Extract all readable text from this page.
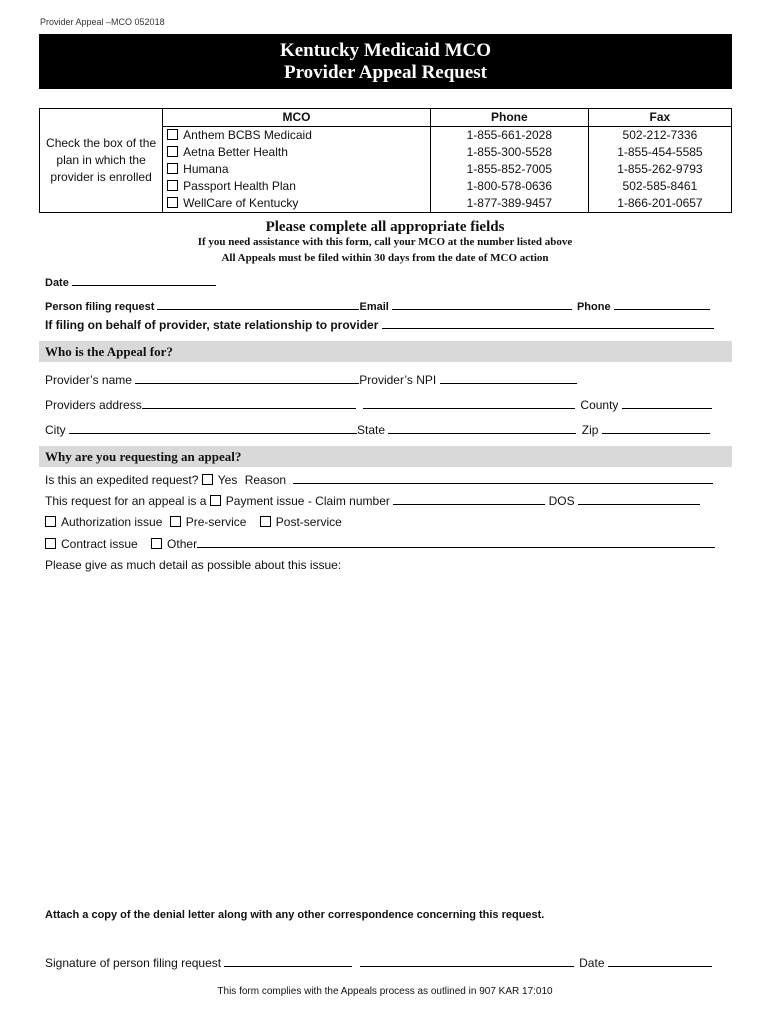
Provider Appeal –MCO 052018
Kentucky Medicaid MCO
Provider Appeal Request
Check the box of the plan in which the provider is enrolled	MCO	Phone	Fax
	Anthem BCBS Medicaid	1-855-661-2028	502-212-7336
	Aetna Better Health	1-855-300-5528	1-855-454-5585
	Humana	1-855-852-7005	1-855-262-9793
	Passport Health Plan	1-800-578-0636	502-585-8461
	WellCare of Kentucky	1-877-389-9457	1-866-201-0657
Please complete all appropriate fields
If you need assistance with this form, call your MCO at the number listed above
All Appeals must be filed within 30 days from the date of MCO action
Date
Person filing request	Email	Phone
If filing on behalf of provider, state relationship to provider
Who is the Appeal for?
Provider’s name	Provider’s NPI
Providers address	County
City	State	Zip
Why are you requesting an appeal?
Is this an expedited request? Yes Reason
This request for an appeal is a Payment issue - Claim number	DOS
Authorization issue Pre-service Post-service
Contract issue Other
Please give as much detail as possible about this issue:
Attach a copy of the denial letter along with any other correspondence concerning this request.
Signature of person filing request	Date
This form complies with the Appeals process as outlined in 907 KAR 17:010
